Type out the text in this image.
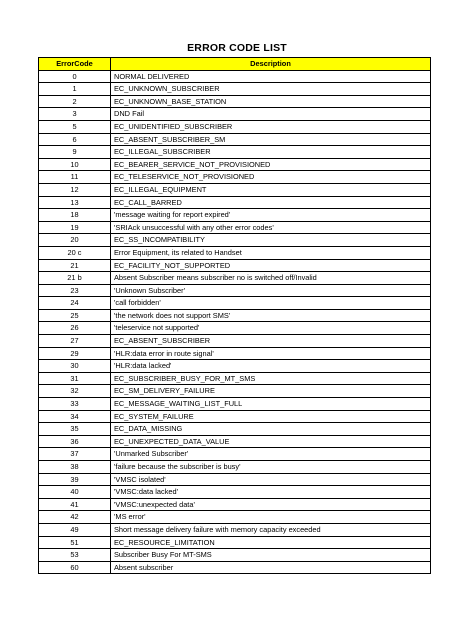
ERROR CODE LIST
ErrorCode	Description
0	NORMAL DELIVERED
1	EC_UNKNOWN_SUBSCRIBER
2	EC_UNKNOWN_BASE_STATION
3	DND Fail
5	EC_UNIDENTIFIED_SUBSCRIBER
6	EC_ABSENT_SUBSCRIBER_SM
9	EC_ILLEGAL_SUBSCRIBER
10	EC_BEARER_SERVICE_NOT_PROVISIONED
11	EC_TELESERVICE_NOT_PROVISIONED
12	EC_ILLEGAL_EQUIPMENT
13	EC_CALL_BARRED
18	'message waiting for report expired'
19	'SRIAck unsuccessful with any other error codes'
20	EC_SS_INCOMPATIBILITY
20 c	Error Equipment, its related to Handset
21	EC_FACILITY_NOT_SUPPORTED
21 b	Absent Subscriber means subscriber no is switched off/Invalid
23	'Unknown Subscriber'
24	'call forbidden'
25	'the network does not support SMS'
26	'teleservice not supported'
27	EC_ABSENT_SUBSCRIBER
29	'HLR:data error in route signal'
30	'HLR:data lacked'
31	EC_SUBSCRIBER_BUSY_FOR_MT_SMS
32	EC_SM_DELIVERY_FAILURE
33	EC_MESSAGE_WAITING_LIST_FULL
34	EC_SYSTEM_FAILURE
35	EC_DATA_MISSING
36	EC_UNEXPECTED_DATA_VALUE
37	'Unmarked Subscriber'
38	'failure because the subscriber is busy'
39	'VMSC isolated'
40	'VMSC:data lacked'
41	'VMSC:unexpected data'
42	'MS error'
49	Short message delivery failure with memory capacity exceeded
51	EC_RESOURCE_LIMITATION
53	Subscriber Busy For MT-SMS
60	Absent subscriber
